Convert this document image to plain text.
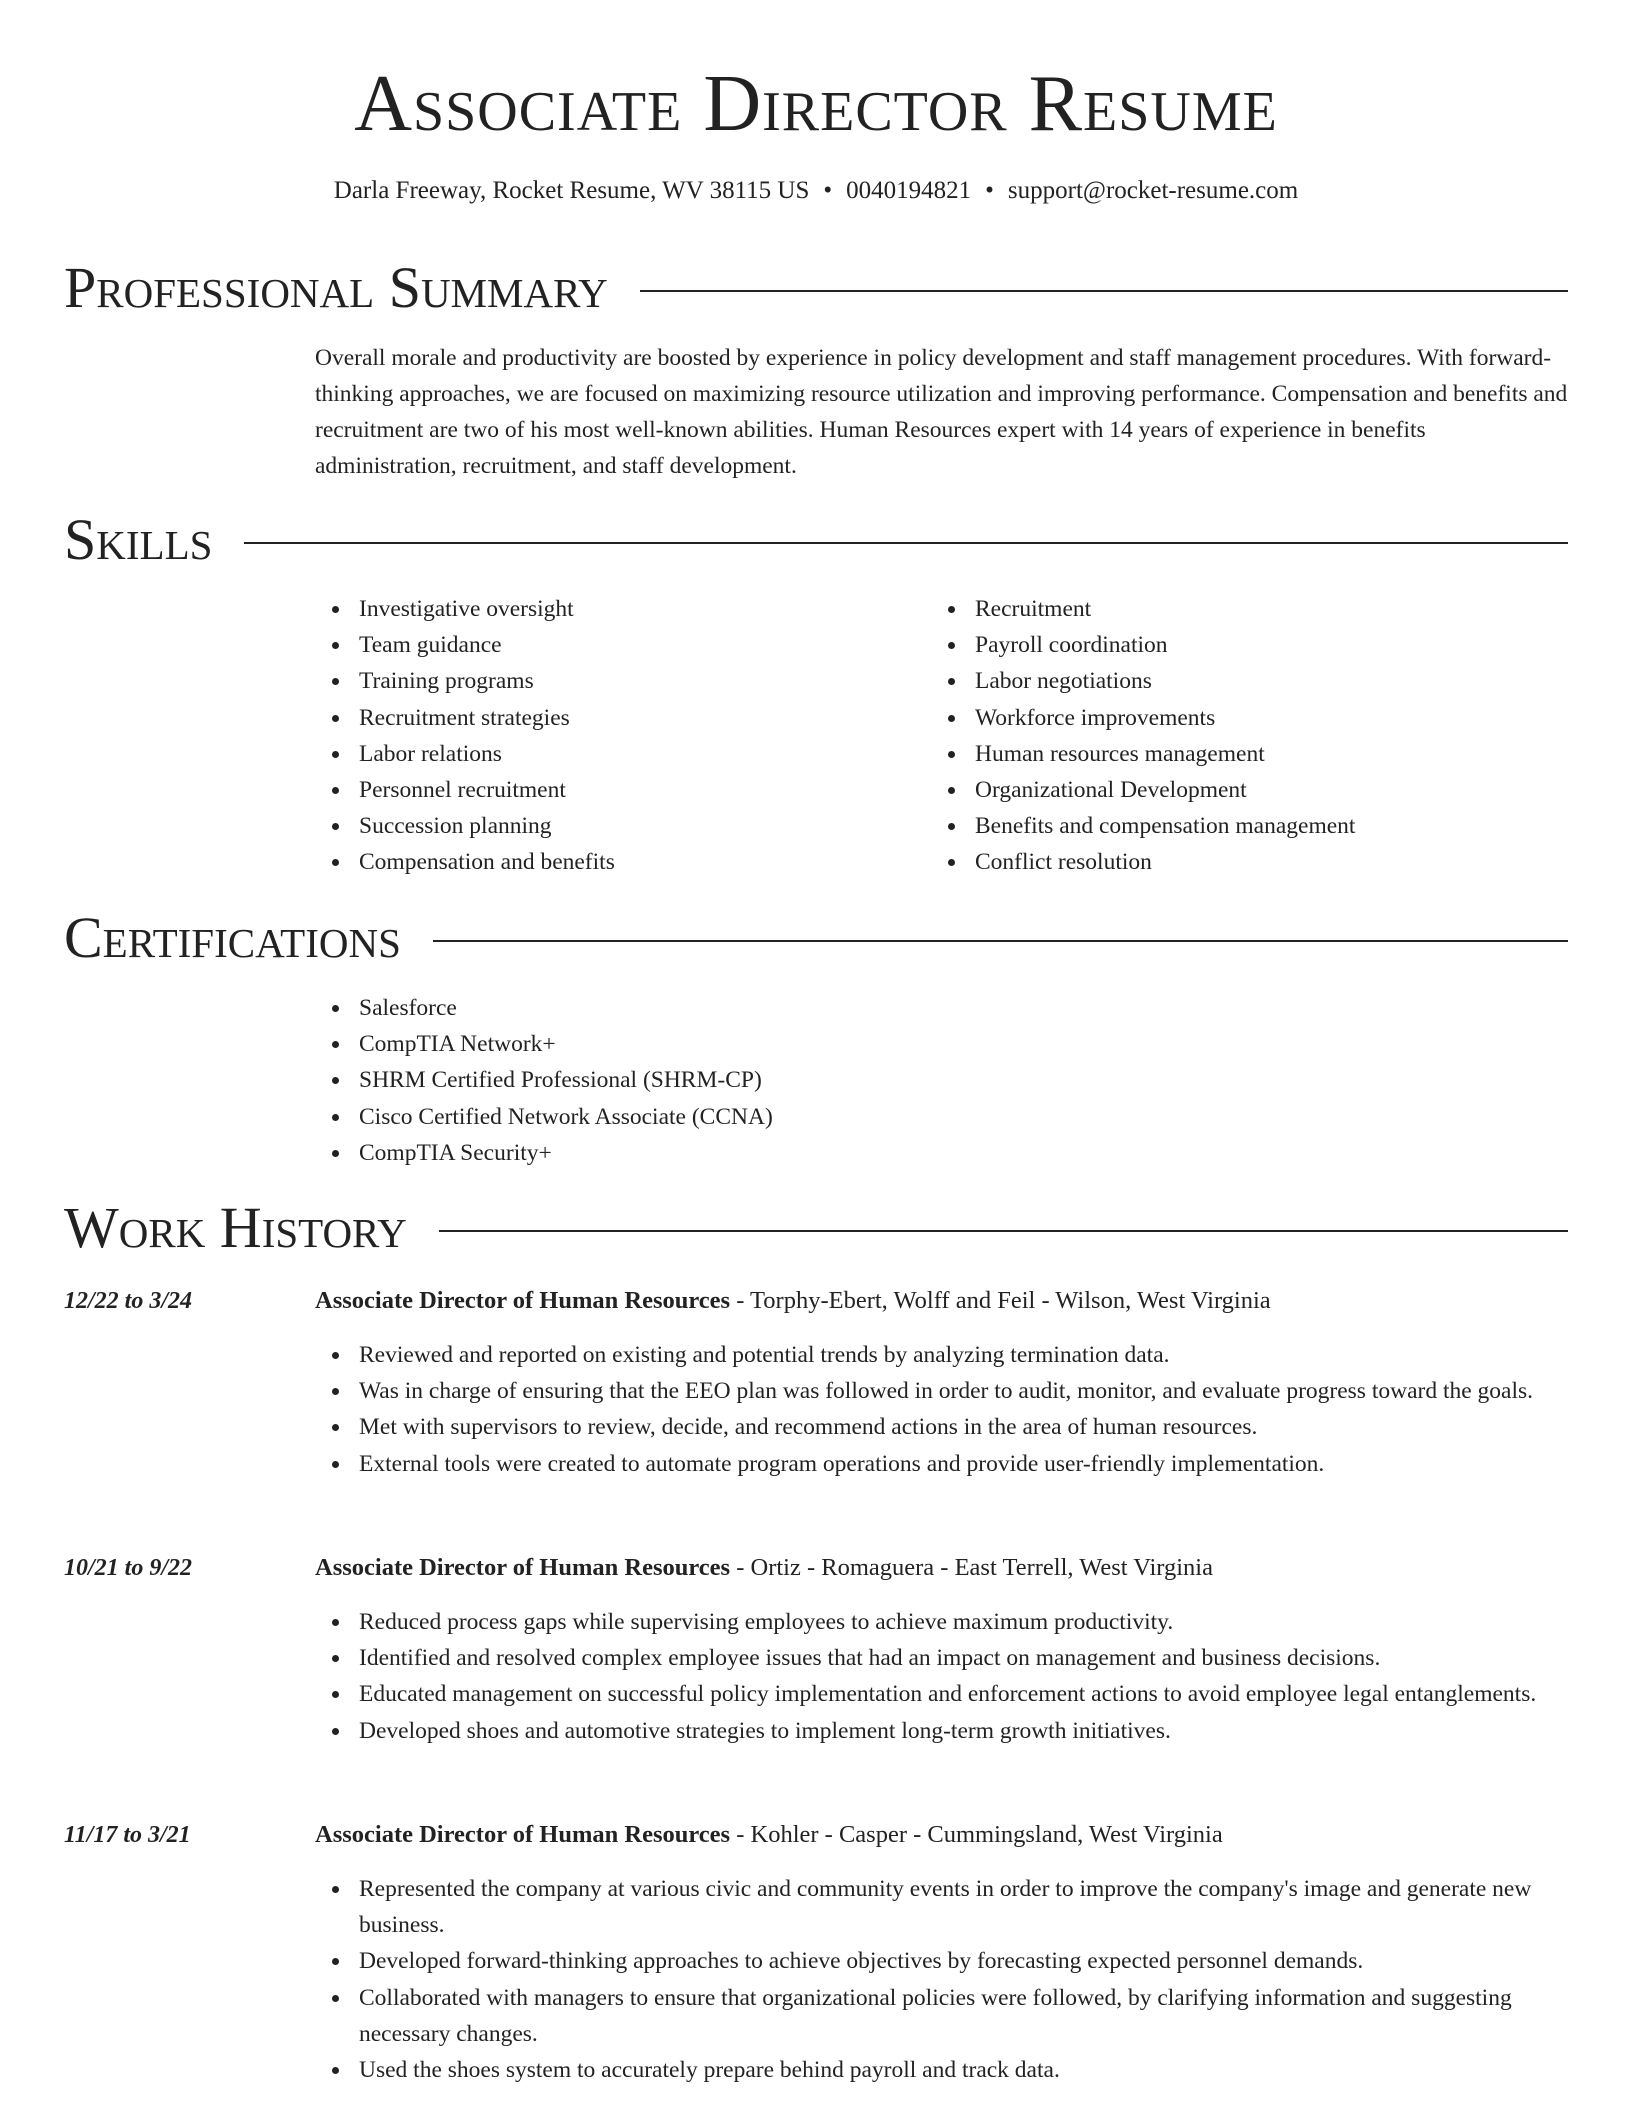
Associate Director Resume
Darla Freeway, Rocket Resume, WV 38115 US • 0040194821 • support@rocket-resume.com
Professional Summary

Overall morale and productivity are boosted by experience in policy development and staff management procedures. With forward-thinking approaches, we are focused on maximizing resource utilization and improving performance. Compensation and benefits and recruitment are two of his most well-known abilities. Human Resources expert with 14 years of experience in benefits administration, recruitment, and staff development.

Skills
Investigative oversight
Team guidance
Training programs
Recruitment strategies
Labor relations
Personnel recruitment
Succession planning
Compensation and benefits
Recruitment
Payroll coordination
Labor negotiations
Workforce improvements
Human resources management
Organizational Development
Benefits and compensation management
Conflict resolution
Certifications
Salesforce
CompTIA Network+
SHRM Certified Professional (SHRM-CP)
Cisco Certified Network Associate (CCNA)
CompTIA Security+
Work History
12/22 to 3/24	Associate Director of Human Resources - Torphy-Ebert, Wolff and Feil - Wilson, West Virginia
Reviewed and reported on existing and potential trends by analyzing termination data.
Was in charge of ensuring that the EEO plan was followed in order to audit, monitor, and evaluate progress toward the goals.
Met with supervisors to review, decide, and recommend actions in the area of human resources.
External tools were created to automate program operations and provide user-friendly implementation.
10/21 to 9/22	Associate Director of Human Resources - Ortiz - Romaguera - East Terrell, West Virginia
Reduced process gaps while supervising employees to achieve maximum productivity.
Identified and resolved complex employee issues that had an impact on management and business decisions.
Educated management on successful policy implementation and enforcement actions to avoid employee legal entanglements.
Developed shoes and automotive strategies to implement long-term growth initiatives.
11/17 to 3/21	Associate Director of Human Resources - Kohler - Casper - Cummingsland, West Virginia
Represented the company at various civic and community events in order to improve the company's image and generate new business.
Developed forward-thinking approaches to achieve objectives by forecasting expected personnel demands.
Collaborated with managers to ensure that organizational policies were followed, by clarifying information and suggesting necessary changes.
Used the shoes system to accurately prepare behind payroll and track data.
